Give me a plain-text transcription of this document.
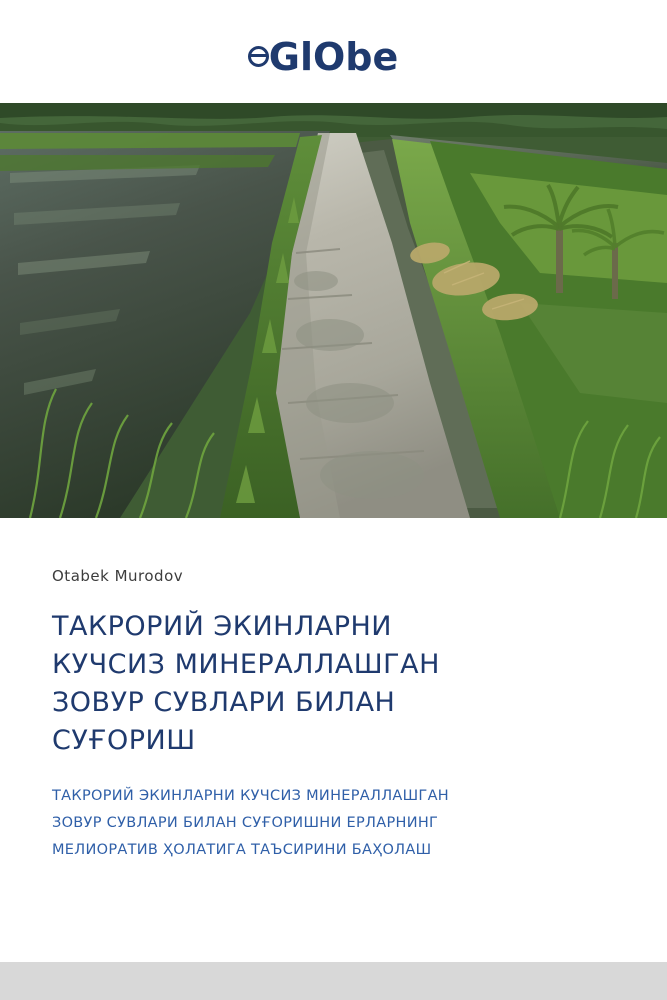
GlObe
Otabek Murodov
ТАКРОРИЙ ЭКИНЛАРНИ
КУЧСИЗ МИНЕРАЛЛАШГАН
ЗОВУР СУВЛАРИ БИЛАН
СУҒОРИШ
ТАКРОРИЙ ЭКИНЛАРНИ КУЧСИЗ МИНЕРАЛЛАШГАН
ЗОВУР СУВЛАРИ БИЛАН СУҒОРИШНИ ЕРЛАРНИНГ
МЕЛИОРАТИВ ҲОЛАТИГА ТАЪСИРИНИ БАҲОЛАШ
